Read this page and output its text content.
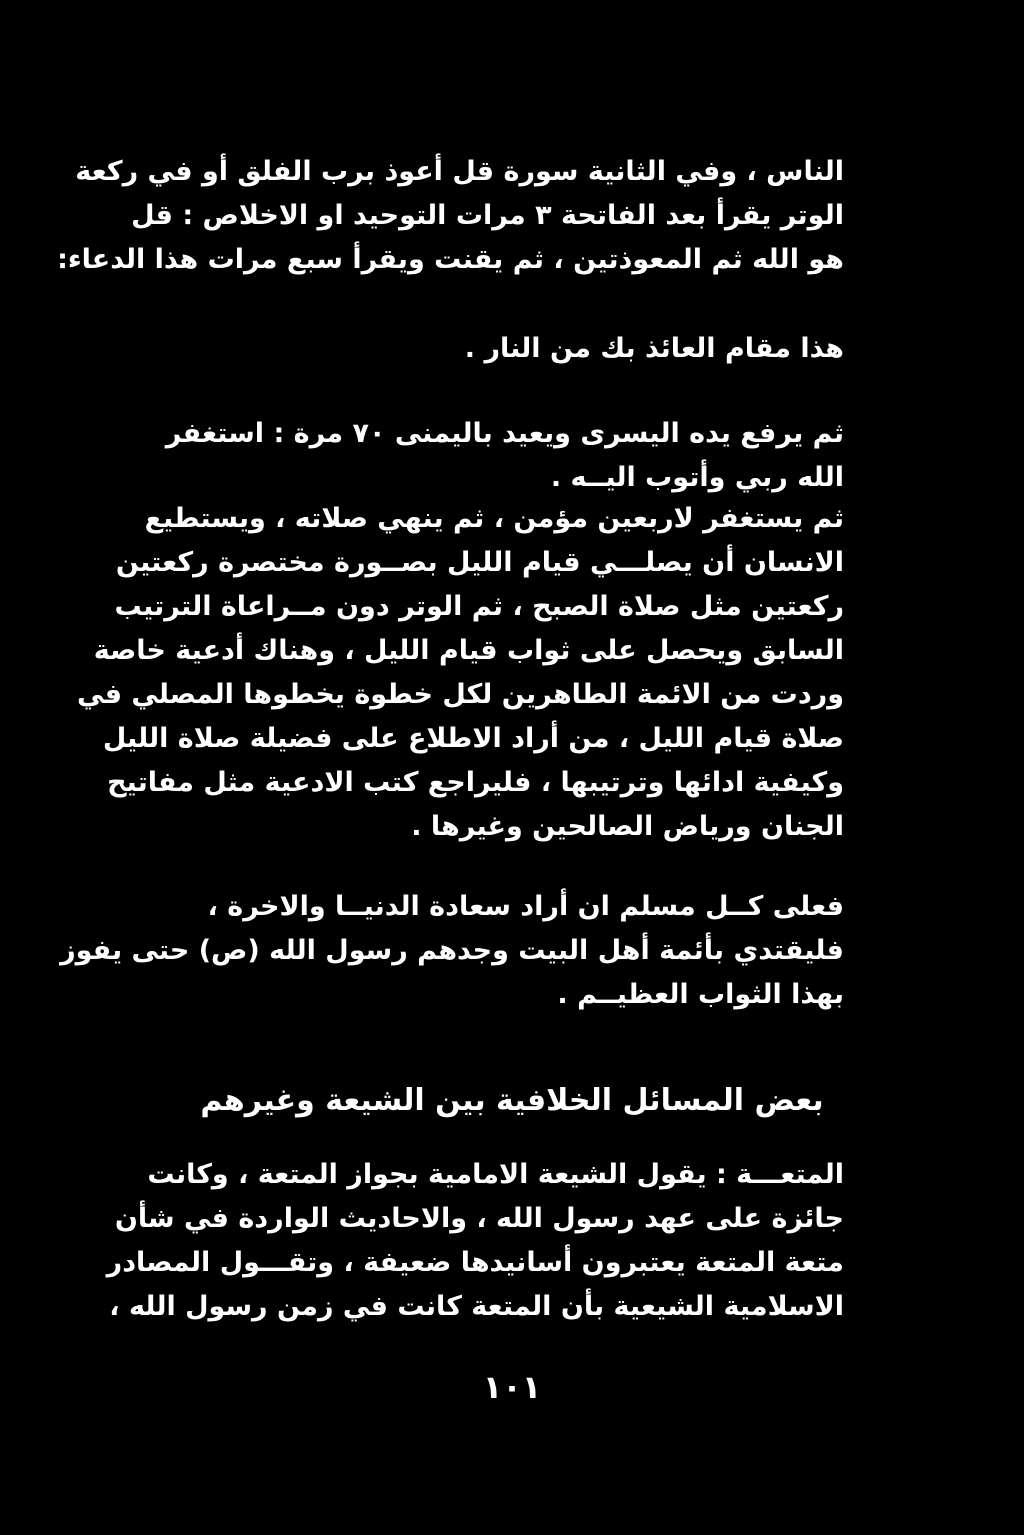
الناس ، وفي الثانية سورة قل أعوذ برب الفلق أو في ركعة
الوتر يقرأ بعد الفاتحة ٣ مرات التوحيد او الاخلاص : قل
هو الله ثم المعوذتين ، ثم يقنت ويقرأ سبع مرات هذا الدعاء:
هذا مقام العائذ بك من النار .
ثم يرفع يده اليسرى ويعيد باليمنى ٧٠ مرة : استغفر
الله ربي وأتوب اليــه .
ثم يستغفر لاربعين مؤمن ، ثم ينهي صلاته ، ويستطيع
الانسان أن يصلـــي قيام الليل بصــورة مختصرة ركعتين
ركعتين مثل صلاة الصبح ، ثم الوتر دون مــراعاة الترتيب
السابق ويحصل على ثواب قيام الليل ، وهناك أدعية خاصة
وردت من الائمة الطاهرين لكل خطوة يخطوها المصلي في
صلاة قيام الليل ، من أراد الاطلاع على فضيلة صلاة الليل
وكيفية ادائها وترتيبها ، فليراجع كتب الادعية مثل مفاتيح
الجنان ورياض الصالحين وغيرها .
فعلى كــل مسلم ان أراد سعادة الدنيــا والاخرة ،
فليقتدي بأئمة أهل البيت وجدهم رسول الله (ص) حتى يفوز
بهذا الثواب العظيــم .
بعض المسائل الخلافية بين الشيعة وغيرهم
المتعـــة : يقول الشيعة الامامية بجواز المتعة ، وكانت
جائزة على عهد رسول الله ، والاحاديث الواردة في شأن
متعة المتعة يعتبرون أسانيدها ضعيفة ، وتقـــول المصادر
الاسلامية الشيعية بأن المتعة كانت في زمن رسول الله ،
١٠١
